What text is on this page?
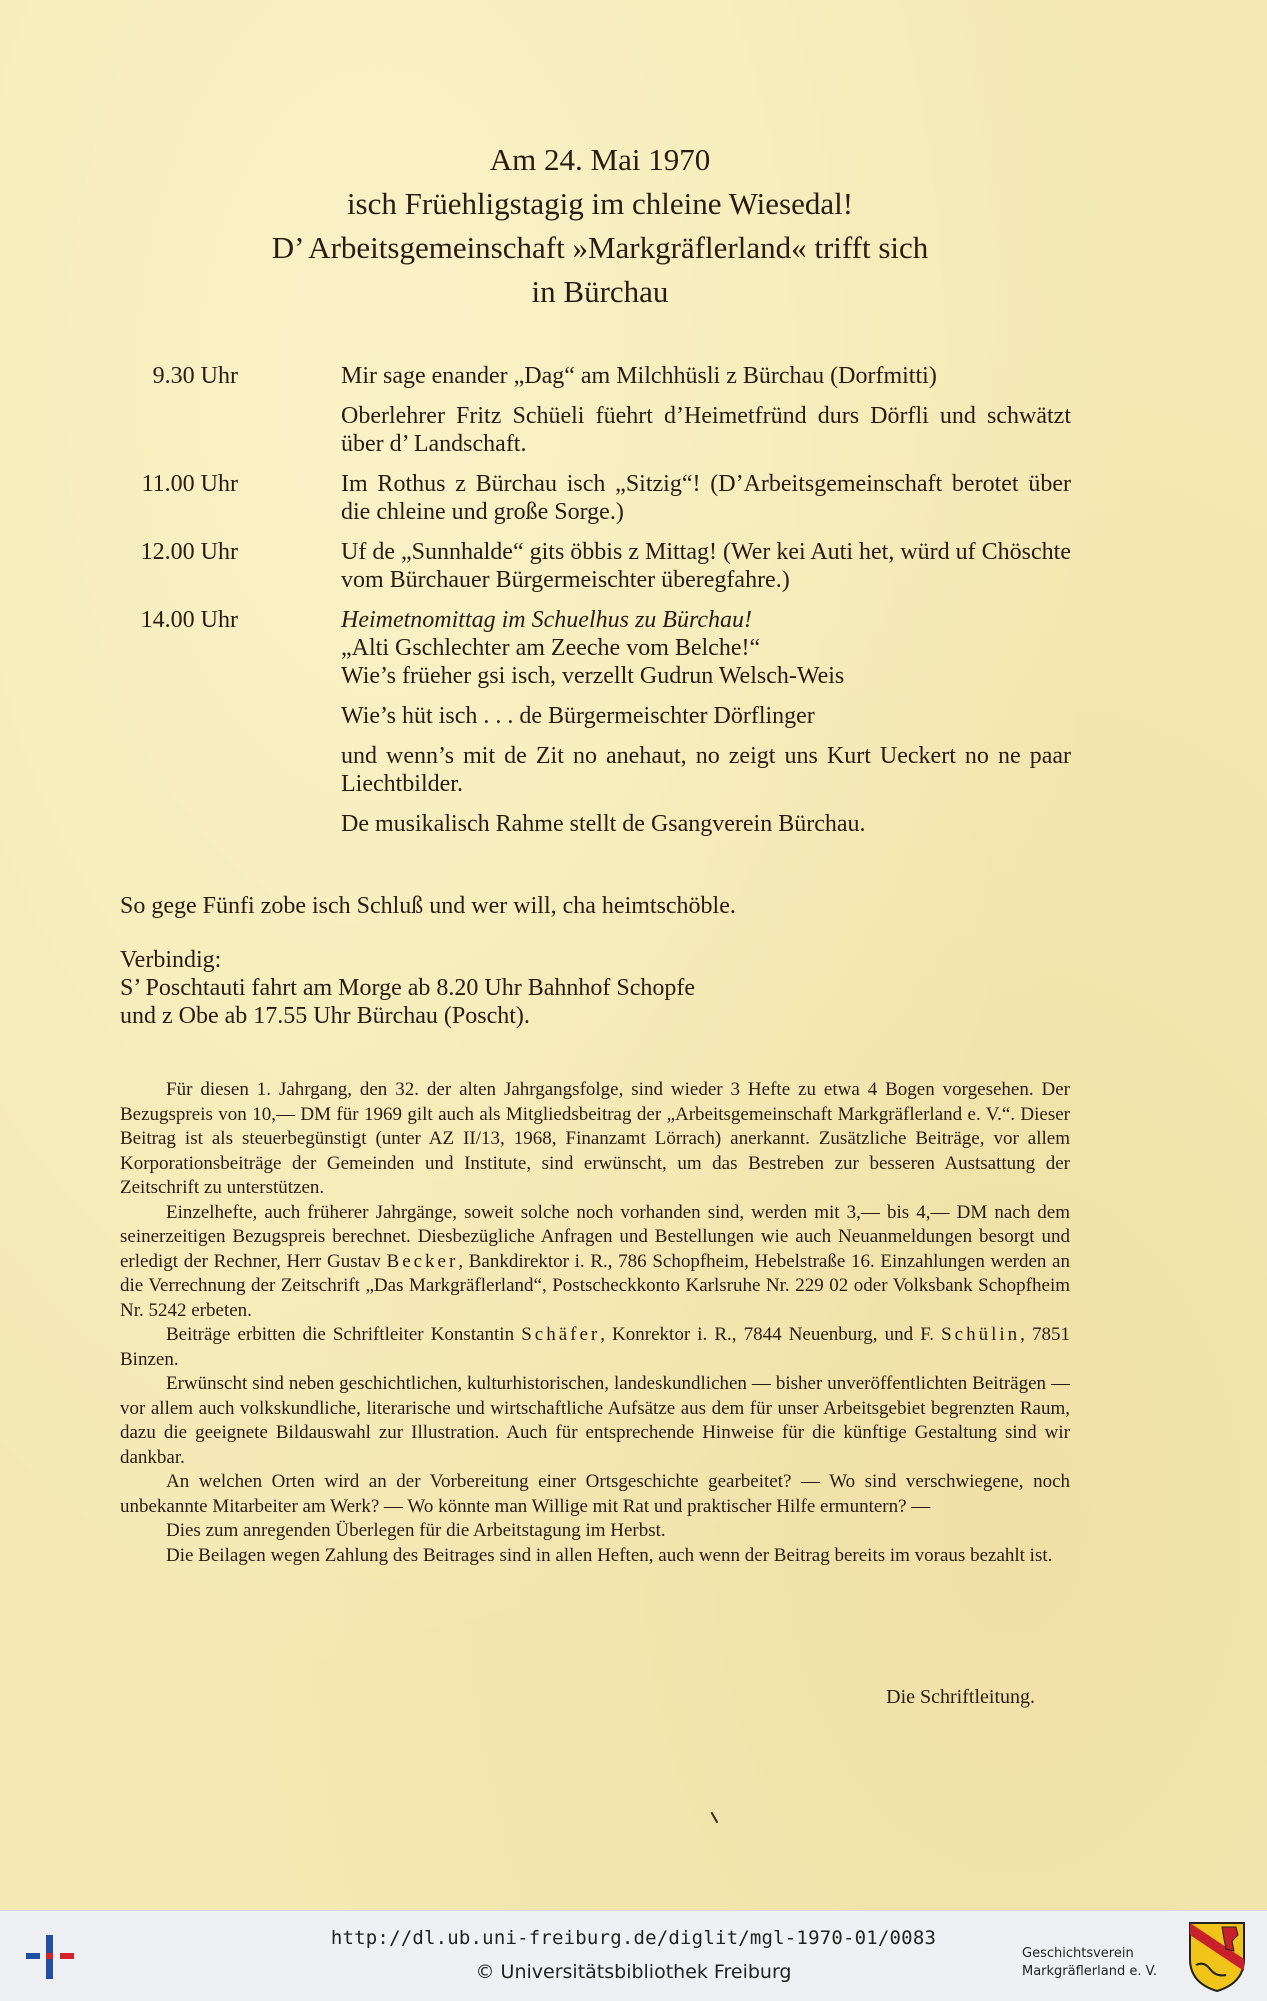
Am 24. Mai 1970
isch Früehligstagig im chleine Wiesedal!
D’ Arbeitsgemeinschaft »Markgräflerland« trifft sich
in Bürchau
9.30 Uhr	Mir sage enander „Dag“ am Milchhüsli z Bürchau (Dorfmitti)

Oberlehrer Fritz Schüeli füehrt d’Heimetfründ durs Dörfli und schwätzt über d’ Landschaft.

11.00 Uhr	Im Rothus z Bürchau isch „Sitzig“! (D’Arbeitsgemeinschaft berotet über die chleine und große Sorge.)

12.00 Uhr	Uf de „Sunnhalde“ gits öbbis z Mittag! (Wer kei Auti het, würd uf Chöschte vom Bürchauer Bürgermeischter überegfahre.)

14.00 Uhr	Heimetnomittag im Schuelhus zu Bürchau!

„Alti Gschlechter am Zeeche vom Belche!“

Wie’s früeher gsi isch, verzellt Gudrun Welsch-Weis

Wie’s hüt isch . . . de Bürgermeischter Dörflinger

und wenn’s mit de Zit no anehaut, no zeigt uns Kurt Ueckert no ne paar Liechtbilder.

De musikalisch Rahme stellt de Gsangverein Bürchau.

So gege Fünfi zobe isch Schluß und wer will, cha heimtschöble.
Verbindig:
S’ Poschtauti fahrt am Morge ab 8.20 Uhr Bahnhof Schopfe
und z Obe ab 17.55 Uhr Bürchau (Poscht).

Für diesen 1. Jahrgang, den 32. der alten Jahrgangsfolge, sind wieder 3 Hefte zu etwa 4 Bogen vorgesehen. Der Bezugspreis von 10,— DM für 1969 gilt auch als Mitgliedsbeitrag der „Arbeitsgemeinschaft Markgräflerland e. V.“. Dieser Beitrag ist als steuerbegünstigt (unter AZ II/13, 1968, Finanzamt Lörrach) anerkannt. Zusätzliche Beiträge, vor allem Korporationsbeiträge der Gemeinden und Institute, sind erwünscht, um das Bestreben zur besseren Austsattung der Zeitschrift zu unterstützen.

Einzelhefte, auch früherer Jahrgänge, soweit solche noch vorhanden sind, werden mit 3,— bis 4,— DM nach dem seinerzeitigen Bezugspreis berechnet. Diesbezügliche Anfragen und Bestellungen wie auch Neuanmeldungen besorgt und erledigt der Rechner, Herr Gustav Becker, Bankdirektor i. R., 786 Schopfheim, Hebelstraße 16. Einzahlungen werden an die Verrechnung der Zeitschrift „Das Markgräflerland“, Postscheckkonto Karlsruhe Nr. 229 02 oder Volksbank Schopfheim Nr. 5242 erbeten.

Beiträge erbitten die Schriftleiter Konstantin Schäfer, Konrektor i. R., 7844 Neuenburg, und F. Schülin, 7851 Binzen.

Erwünscht sind neben geschichtlichen, kulturhistorischen, landeskundlichen — bisher unveröffentlichten Beiträgen — vor allem auch volkskundliche, literarische und wirtschaftliche Aufsätze aus dem für unser Arbeitsgebiet begrenzten Raum, dazu die geeignete Bildauswahl zur Illustration. Auch für entsprechende Hinweise für die künftige Gestaltung sind wir dankbar.

An welchen Orten wird an der Vorbereitung einer Ortsgeschichte gearbeitet? — Wo sind verschwiegene, noch unbekannte Mitarbeiter am Werk? — Wo könnte man Willige mit Rat und praktischer Hilfe ermuntern? —

Dies zum anregenden Überlegen für die Arbeitstagung im Herbst.

Die Beilagen wegen Zahlung des Beitrages sind in allen Heften, auch wenn der Beitrag bereits im voraus bezahlt ist.

Die Schriftleitung.
http://dl.ub.uni-freiburg.de/diglit/mgl-1970-01/0083
© Universitätsbibliothek Freiburg
Geschichtsverein
Markgräflerland e. V.
